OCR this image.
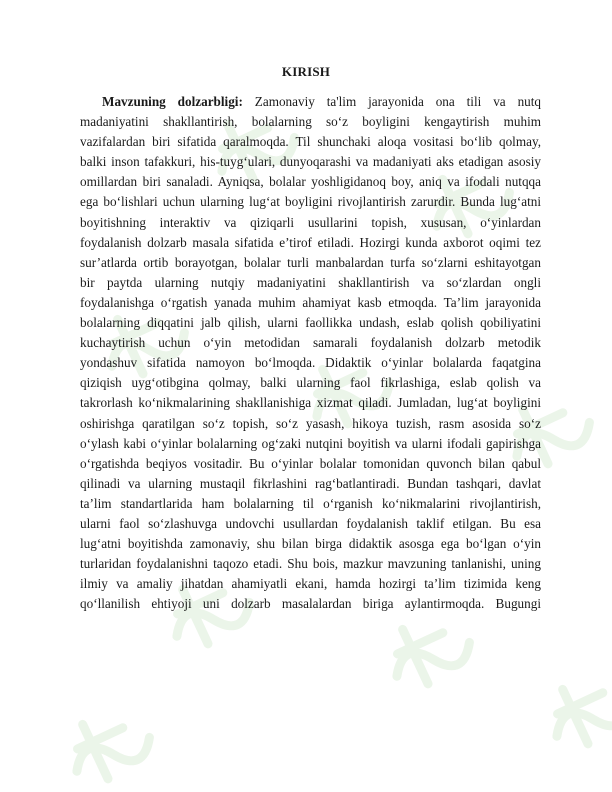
KIRISH
Mavzuning dolzarbligi: Zamonaviy ta'lim jarayonida ona tili va nutq
madaniyatini shakllantirish, bolalarning so‘z boyligini kengaytirish muhim
vazifalardan biri sifatida qaralmoqda. Til shunchaki aloqa vositasi bo‘lib qolmay,
balki inson tafakkuri, his-tuyg‘ulari, dunyoqarashi va madaniyati aks etadigan asosiy
omillardan biri sanaladi. Ayniqsa, bolalar yoshligidanoq boy, aniq va ifodali nutqqa
ega bo‘lishlari uchun ularning lug‘at boyligini rivojlantirish zarurdir. Bunda lug‘atni
boyitishning interaktiv va qiziqarli usullarini topish, xususan, o‘yinlardan
foydalanish dolzarb masala sifatida e’tirof etiladi. Hozirgi kunda axborot oqimi tez
sur’atlarda ortib borayotgan, bolalar turli manbalardan turfa so‘zlarni eshitayotgan
bir paytda ularning nutqiy madaniyatini shakllantirish va so‘zlardan ongli
foydalanishga o‘rgatish yanada muhim ahamiyat kasb etmoqda. Ta’lim jarayonida
bolalarning diqqatini jalb qilish, ularni faollikka undash, eslab qolish qobiliyatini
kuchaytirish uchun o‘yin metodidan samarali foydalanish dolzarb metodik
yondashuv sifatida namoyon bo‘lmoqda. Didaktik o‘yinlar bolalarda faqatgina
qiziqish uyg‘otibgina qolmay, balki ularning faol fikrlashiga, eslab qolish va
takrorlash ko‘nikmalarining shakllanishiga xizmat qiladi. Jumladan, lug‘at boyligini
oshirishga qaratilgan so‘z topish, so‘z yasash, hikoya tuzish, rasm asosida so‘z
o‘ylash kabi o‘yinlar bolalarning og‘zaki nutqini boyitish va ularni ifodali gapirishga
o‘rgatishda beqiyos vositadir. Bu o‘yinlar bolalar tomonidan quvonch bilan qabul
qilinadi va ularning mustaqil fikrlashini rag‘batlantiradi. Bundan tashqari, davlat
ta’lim standartlarida ham bolalarning til o‘rganish ko‘nikmalarini rivojlantirish,
ularni faol so‘zlashuvga undovchi usullardan foydalanish taklif etilgan. Bu esa
lug‘atni boyitishda zamonaviy, shu bilan birga didaktik asosga ega bo‘lgan o‘yin
turlaridan foydalanishni taqozo etadi. Shu bois, mazkur mavzuning tanlanishi, uning
ilmiy va amaliy jihatdan ahamiyatli ekani, hamda hozirgi ta’lim tizimida keng
qo‘llanilish ehtiyoji uni dolzarb masalalardan biriga aylantirmoqda. Bugungi
